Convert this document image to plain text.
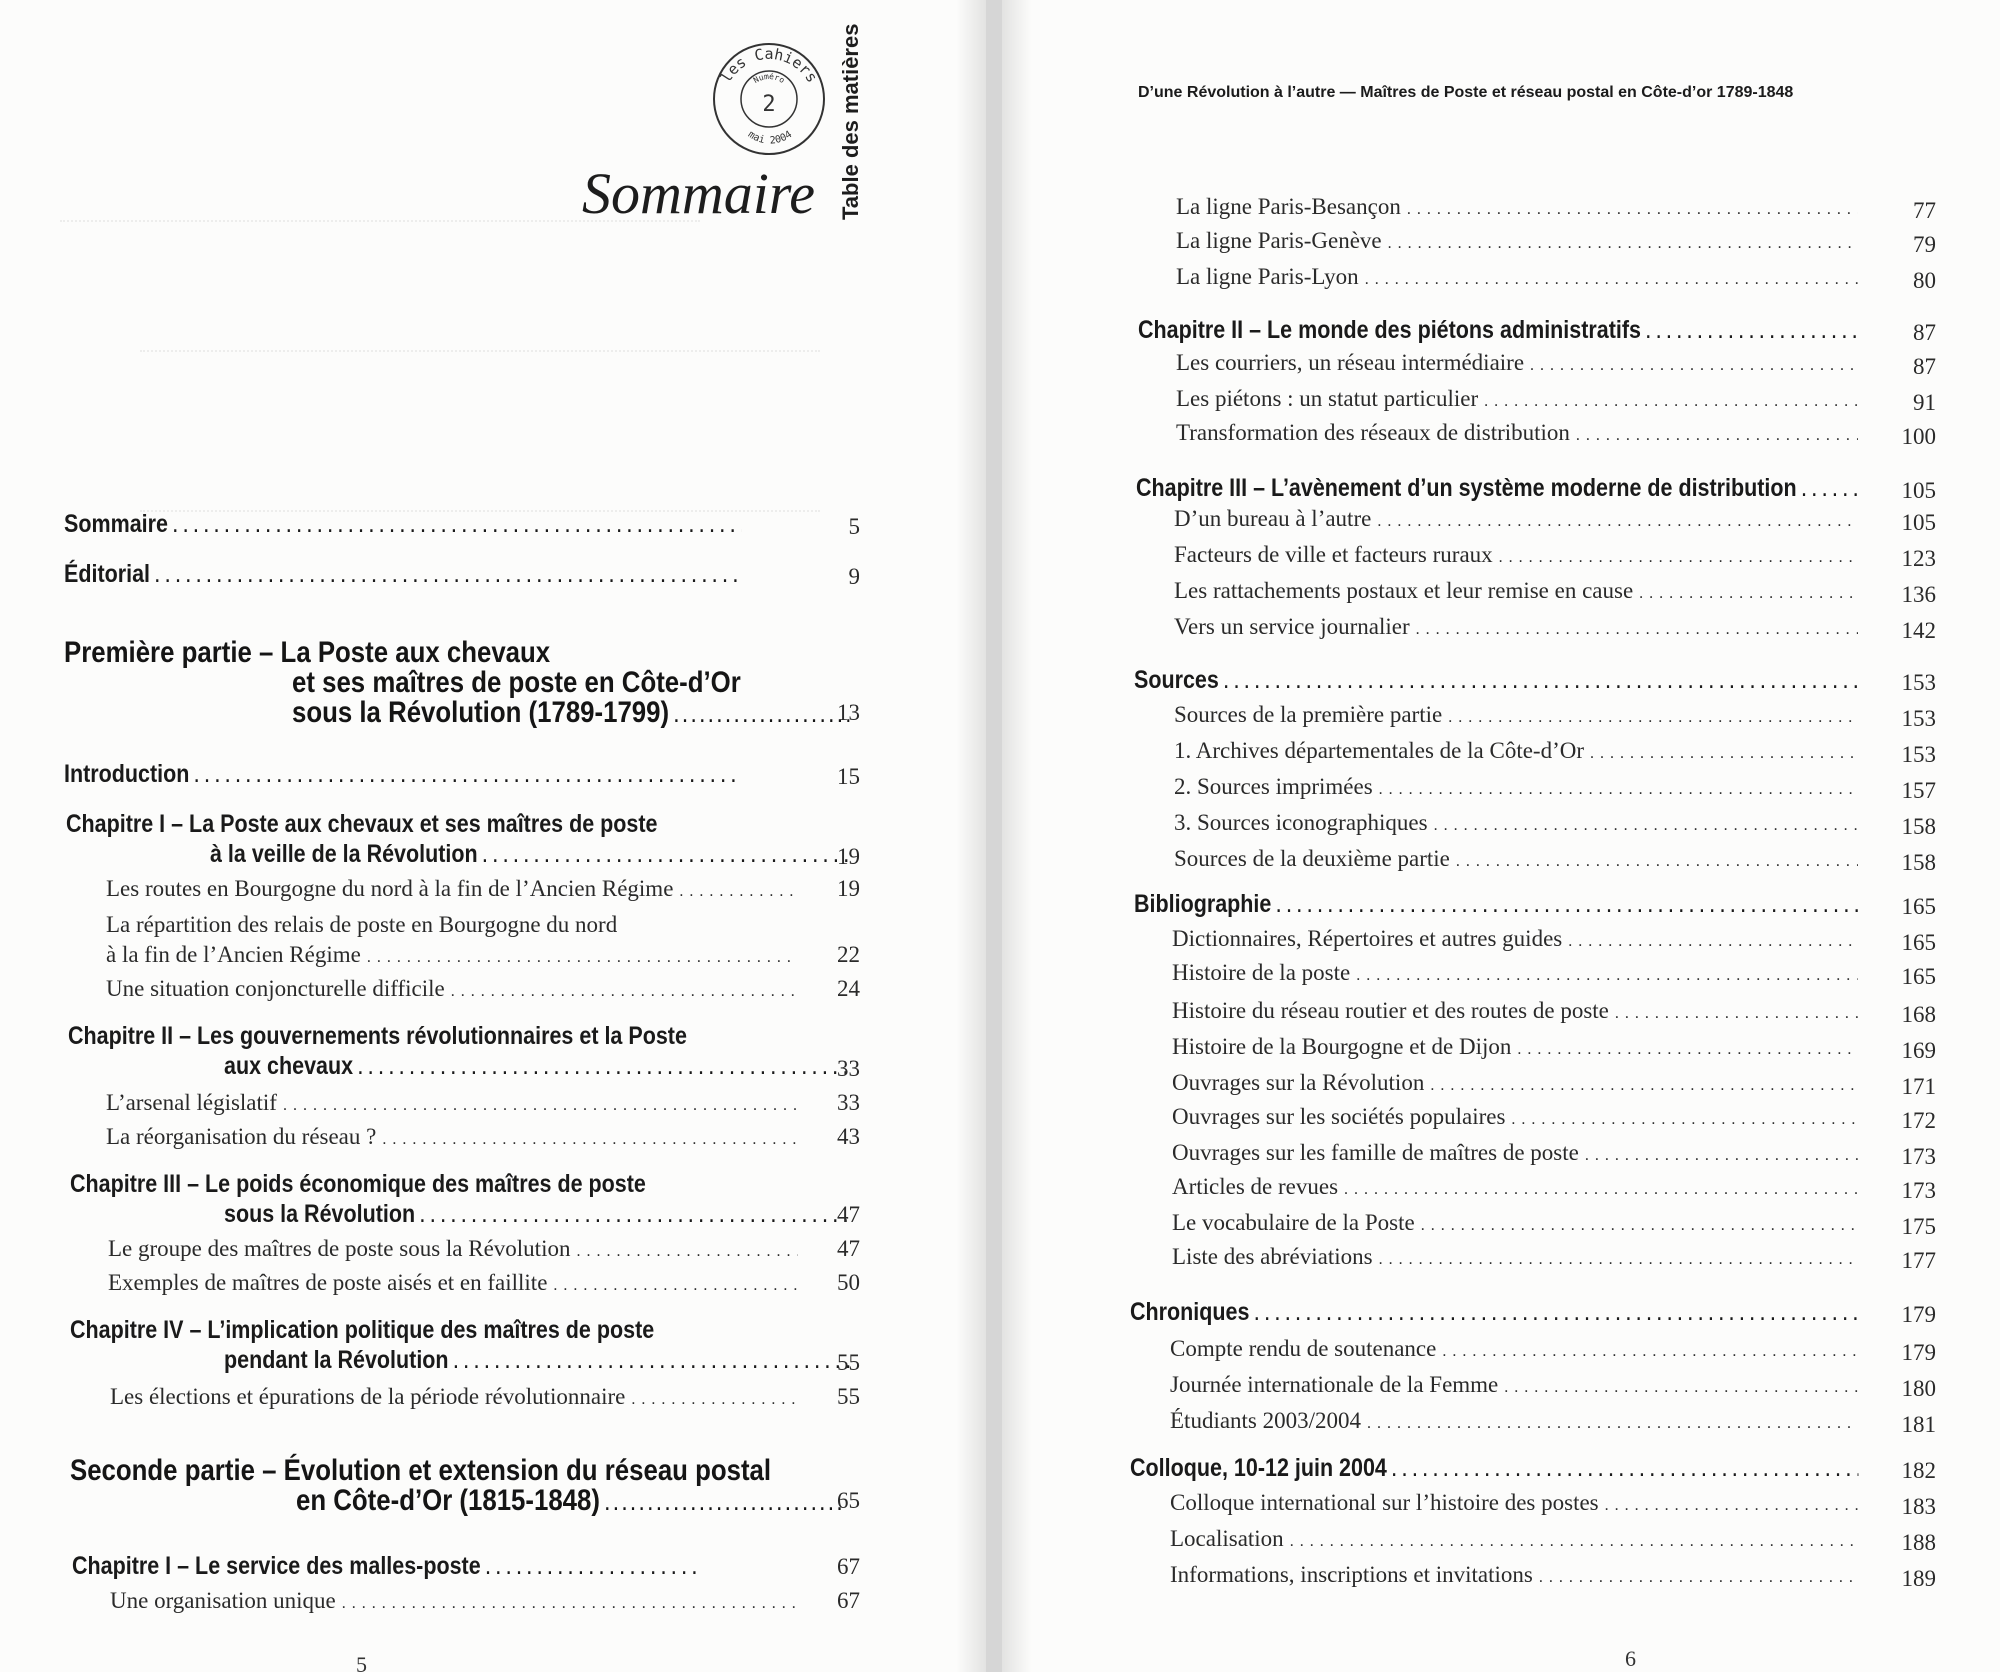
les Cahiers
Numéro
2
mai 2004 Table des matières
Sommaire
Sommaire . . .	5
Éditorial . . .	9
Première partie – La Poste aux chevaux
et ses maîtres de poste en Côte-d’Or
sous la Révolution (1789-1799) . . .	13
Introduction . . .	15
Chapitre I – La Poste aux chevaux et ses maîtres de poste
à la veille de la Révolution . . .	19
Les routes en Bourgogne du nord à la fin de l’Ancien Régime . . .	19
La répartition des relais de poste en Bourgogne du nord
à la fin de l’Ancien Régime . . .	22
Une situation conjoncturelle difficile . . .	24
Chapitre II – Les gouvernements révolutionnaires et la Poste
aux chevaux . . .	33
L’arsenal législatif . . .	33
La réorganisation du réseau ? . . .	43
Chapitre III – Le poids économique des maîtres de poste
sous la Révolution . . .	47
Le groupe des maîtres de poste sous la Révolution . . .	47
Exemples de maîtres de poste aisés et en faillite . . .	50
Chapitre IV – L’implication politique des maîtres de poste
pendant la Révolution . . .	55
Les élections et épurations de la période révolutionnaire . . .	55
Seconde partie – Évolution et extension du réseau postal
en Côte-d’Or (1815-1848) . . .	65
Chapitre I – Le service des malles-poste . . .	67
Une organisation unique . . .	67
5
D’une Révolution à l’autre — Maîtres de Poste et réseau postal en Côte-d’or 1789-1848
La ligne Paris-Besançon . . .	77
La ligne Paris-Genève . . .	79
La ligne Paris-Lyon . . .	80
Chapitre II – Le monde des piétons administratifs . . .	87
Les courriers, un réseau intermédiaire . . .	87
Les piétons : un statut particulier . . .	91
Transformation des réseaux de distribution . . .	100
Chapitre III – L’avènement d’un système moderne de distribution . . .	105
D’un bureau à l’autre . . .	105
Facteurs de ville et facteurs ruraux . . .	123
Les rattachements postaux et leur remise en cause . . .	136
Vers un service journalier . . .	142
Sources . . .	153
Sources de la première partie . . .	153
1. Archives départementales de la Côte-d’Or . . .	153
2. Sources imprimées . . .	157
3. Sources iconographiques . . .	158
Sources de la deuxième partie . . .	158
Bibliographie . . .	165
Dictionnaires, Répertoires et autres guides . . .	165
Histoire de la poste . . .	165
Histoire du réseau routier et des routes de poste . . .	168
Histoire de la Bourgogne et de Dijon . . .	169
Ouvrages sur la Révolution . . .	171
Ouvrages sur les sociétés populaires . . .	172
Ouvrages sur les famille de maîtres de poste . . .	173
Articles de revues . . .	173
Le vocabulaire de la Poste . . .	175
Liste des abréviations . . .	177
Chroniques . . .	179
Compte rendu de soutenance . . .	179
Journée internationale de la Femme . . .	180
Étudiants 2003/2004 . . .	181
Colloque, 10-12 juin 2004 . . .	182
Colloque international sur l’histoire des postes . . .	183
Localisation . . .	188
Informations, inscriptions et invitations . . .	189
6
